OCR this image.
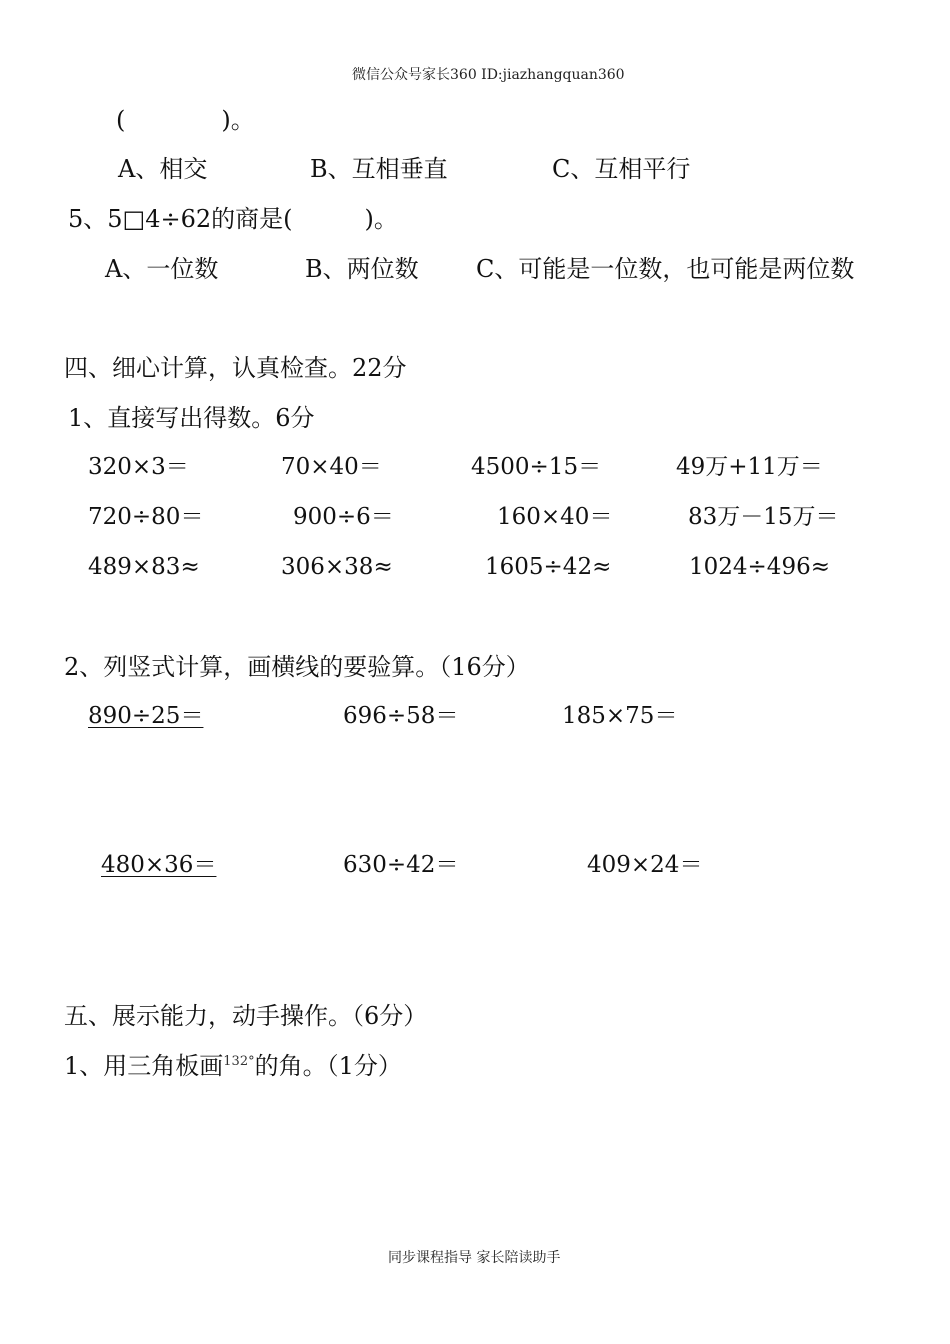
微信公众号家长360 ID:jiazhangquan360
(　　　　)。
A、相交	B、互相垂直	C、互相平行
5、5□4÷62的商是(　　　)。
A、一位数	B、两位数 C、可能是一位数，也可能是两位数
四、细心计算，认真检查。22分
1、直接写出得数。6分
320×3＝	70×40＝	4500÷15＝	49万+11万＝
720÷80＝	900÷6＝	160×40＝	83万－15万＝
489×83≈	306×38≈	1605÷42≈	1024÷496≈
2、列竖式计算，画横线的要验算。（16分）
890÷25＝	696÷58＝	185×75＝
480×36＝	630÷42＝	409×24＝
五、展示能力，动手操作。（6分）
1、用三角板画$^{132^\circ}$的角。（1分）
同步课程指导 家长陪读助手
